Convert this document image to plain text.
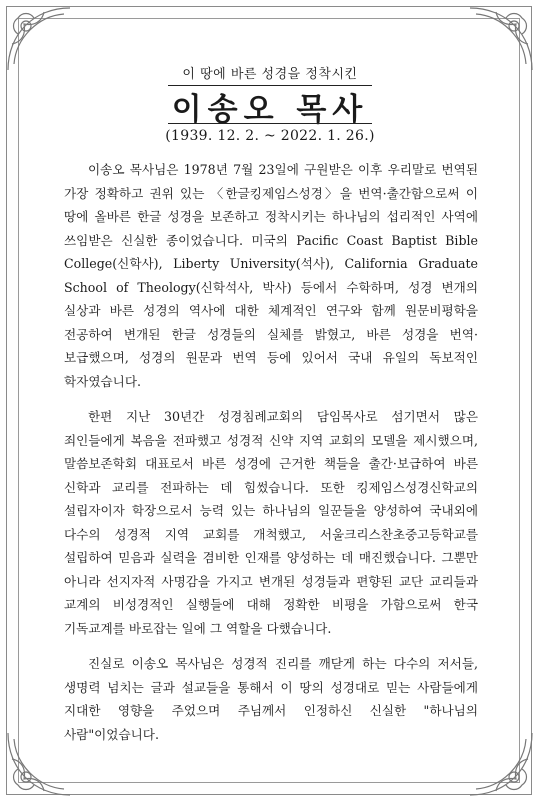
이 땅에 바른 성경을 정착시킨
이송오 목사
(1939. 12. 2. ~ 2022. 1. 26.)

이송오 목사님은 1978년 7월 23일에 구원받은 이후 우리말로 번역된 가장 정확하고 권위 있는 〈한글킹제임스성경〉을 번역·출간함으로써 이 땅에 올바른 한글 성경을 보존하고 정착시키는 하나님의 섭리적인 사역에 쓰임받은 신실한 종이었습니다. 미국의 Pacific Coast Baptist Bible College(신학사), Liberty University(석사), California Graduate School of Theology(신학석사, 박사) 등에서 수학하며, 성경 변개의 실상과 바른 성경의 역사에 대한 체계적인 연구와 함께 원문비평학을 전공하여 변개된 한글 성경들의 실체를 밝혔고, 바른 성경을 번역·보급했으며, 성경의 원문과 번역 등에 있어서 국내 유일의 독보적인 학자였습니다.

한편 지난 30년간 성경침례교회의 담임목사로 섬기면서 많은 죄인들에게 복음을 전파했고 성경적 신약 지역 교회의 모델을 제시했으며, 말씀보존학회 대표로서 바른 성경에 근거한 책들을 출간·보급하여 바른 신학과 교리를 전파하는 데 힘썼습니다. 또한 킹제임스성경신학교의 설립자이자 학장으로서 능력 있는 하나님의 일꾼들을 양성하여 국내외에 다수의 성경적 지역 교회를 개척했고, 서울크리스찬초중고등학교를 설립하여 믿음과 실력을 겸비한 인재를 양성하는 데 매진했습니다. 그뿐만 아니라 선지자적 사명감을 가지고 변개된 성경들과 편향된 교단 교리들과 교계의 비성경적인 실행들에 대해 정확한 비평을 가함으로써 한국 기독교계를 바로잡는 일에 그 역할을 다했습니다.

진실로 이송오 목사님은 성경적 진리를 깨닫게 하는 다수의 저서들, 생명력 넘치는 글과 설교들을 통해서 이 땅의 성경대로 믿는 사람들에게 지대한 영향을 주었으며 주님께서 인정하신 신실한 "하나님의 사람"이었습니다.
